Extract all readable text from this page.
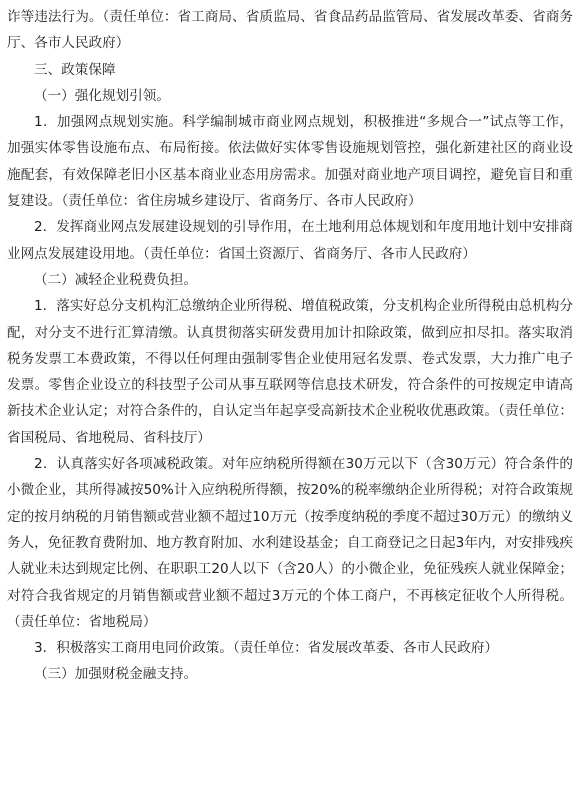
诈等违法行为。（责任单位：省工商局、省质监局、省食品药品监管局、省发展改革委、省商务厅、各市人民政府）

三、政策保障

（一）强化规划引领。

1．加强网点规划实施。科学编制城市商业网点规划，积极推进“多规合一”试点等工作，加强实体零售设施布点、布局衔接。依法做好实体零售设施规划管控，强化新建社区的商业设施配套，有效保障老旧小区基本商业业态用房需求。加强对商业地产项目调控，避免盲目和重复建设。（责任单位：省住房城乡建设厅、省商务厅、各市人民政府）

2．发挥商业网点发展建设规划的引导作用，在土地利用总体规划和年度用地计划中安排商业网点发展建设用地。（责任单位：省国土资源厅、省商务厅、各市人民政府）

（二）减轻企业税费负担。

1．落实好总分支机构汇总缴纳企业所得税、增值税政策，分支机构企业所得税由总机构分配，对分支不进行汇算清缴。认真贯彻落实研发费用加计扣除政策，做到应扣尽扣。落实取消税务发票工本费政策，不得以任何理由强制零售企业使用冠名发票、卷式发票，大力推广电子发票。零售企业设立的科技型子公司从事互联网等信息技术研发，符合条件的可按规定申请高新技术企业认定；对符合条件的，自认定当年起享受高新技术企业税收优惠政策。（责任单位：省国税局、省地税局、省科技厅）

2．认真落实好各项减税政策。对年应纳税所得额在30万元以下（含30万元）符合条件的小微企业，其所得减按50%计入应纳税所得额，按20%的税率缴纳企业所得税；对符合政策规定的按月纳税的月销售额或营业额不超过10万元（按季度纳税的季度不超过30万元）的缴纳义务人，免征教育费附加、地方教育附加、水利建设基金；自工商登记之日起3年内，对安排残疾人就业未达到规定比例、在职职工20人以下（含20人）的小微企业，免征残疾人就业保障金；对符合我省规定的月销售额或营业额不超过3万元的个体工商户，不再核定征收个人所得税。（责任单位：省地税局）

3．积极落实工商用电同价政策。（责任单位：省发展改革委、各市人民政府）

（三）加强财税金融支持。
